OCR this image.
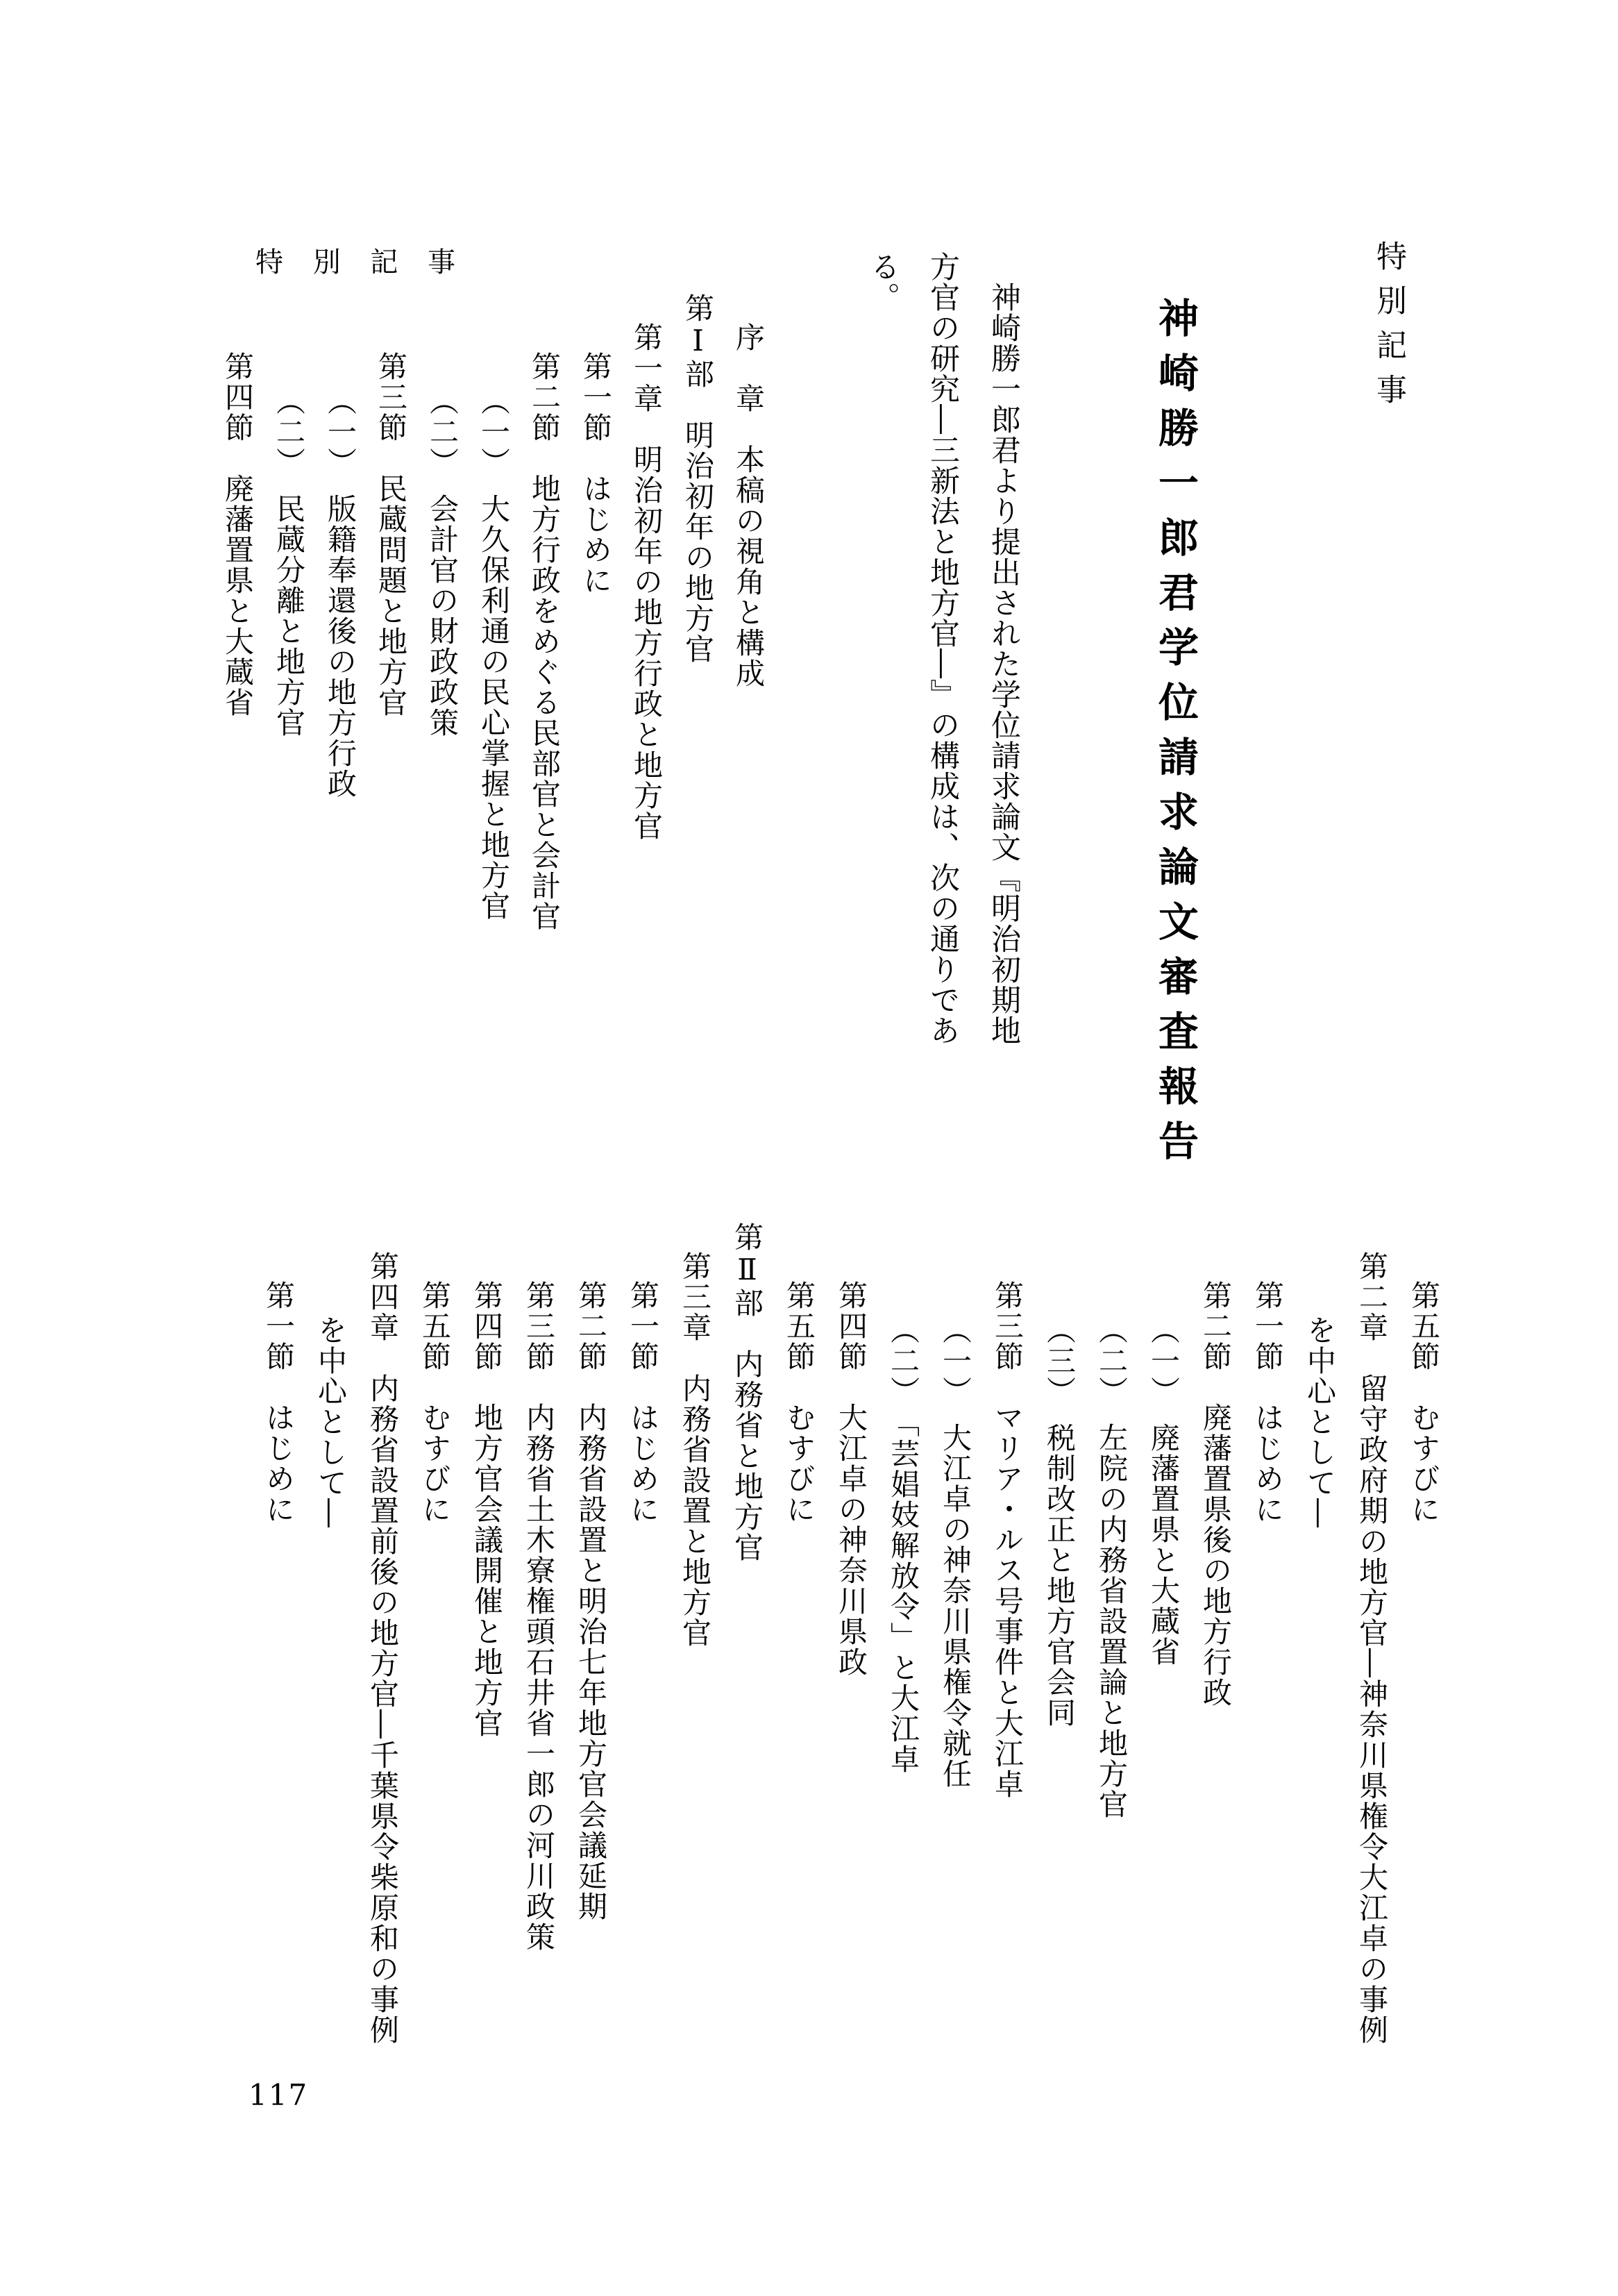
特 別 記 事	特別記事
神崎勝一郎君学位請求論文審査報告
神崎勝一郎君より提出された学位請求論文『明治初期地
方官の研究―三新法と地方官―』の構成は、次の通りであ
る。
序　章　本稿の視角と構成
第Ⅰ部　明治初年の地方官
第一章　明治初年の地方行政と地方官
第一節　はじめに
第二節　地方行政をめぐる民部官と会計官
（一）　大久保利通の民心掌握と地方官
（二）　会計官の財政政策
第三節　民蔵問題と地方官
（一）　版籍奉還後の地方行政
（二）　民蔵分離と地方官
第四節　廃藩置県と大蔵省
第五節　むすびに
第二章　留守政府期の地方官―神奈川県権令大江卓の事例
を中心として―
第一節　はじめに
第二節　廃藩置県後の地方行政
（一）　廃藩置県と大蔵省
（二）　左院の内務省設置論と地方官
（三）　税制改正と地方官会同
第三節　マリア・ルス号事件と大江卓
（一）　大江卓の神奈川県権令就任
（二）　「芸娼妓解放令」と大江卓
第四節　大江卓の神奈川県政
第五節　むすびに
第Ⅱ部　内務省と地方官
第三章　内務省設置と地方官
第一節　はじめに
第二節　内務省設置と明治七年地方官会議延期
第三節　内務省土木寮権頭石井省一郎の河川政策
第四節　地方官会議開催と地方官
第五節　むすびに
第四章　内務省設置前後の地方官―千葉県令柴原和の事例
を中心として―
第一節　はじめに
117
